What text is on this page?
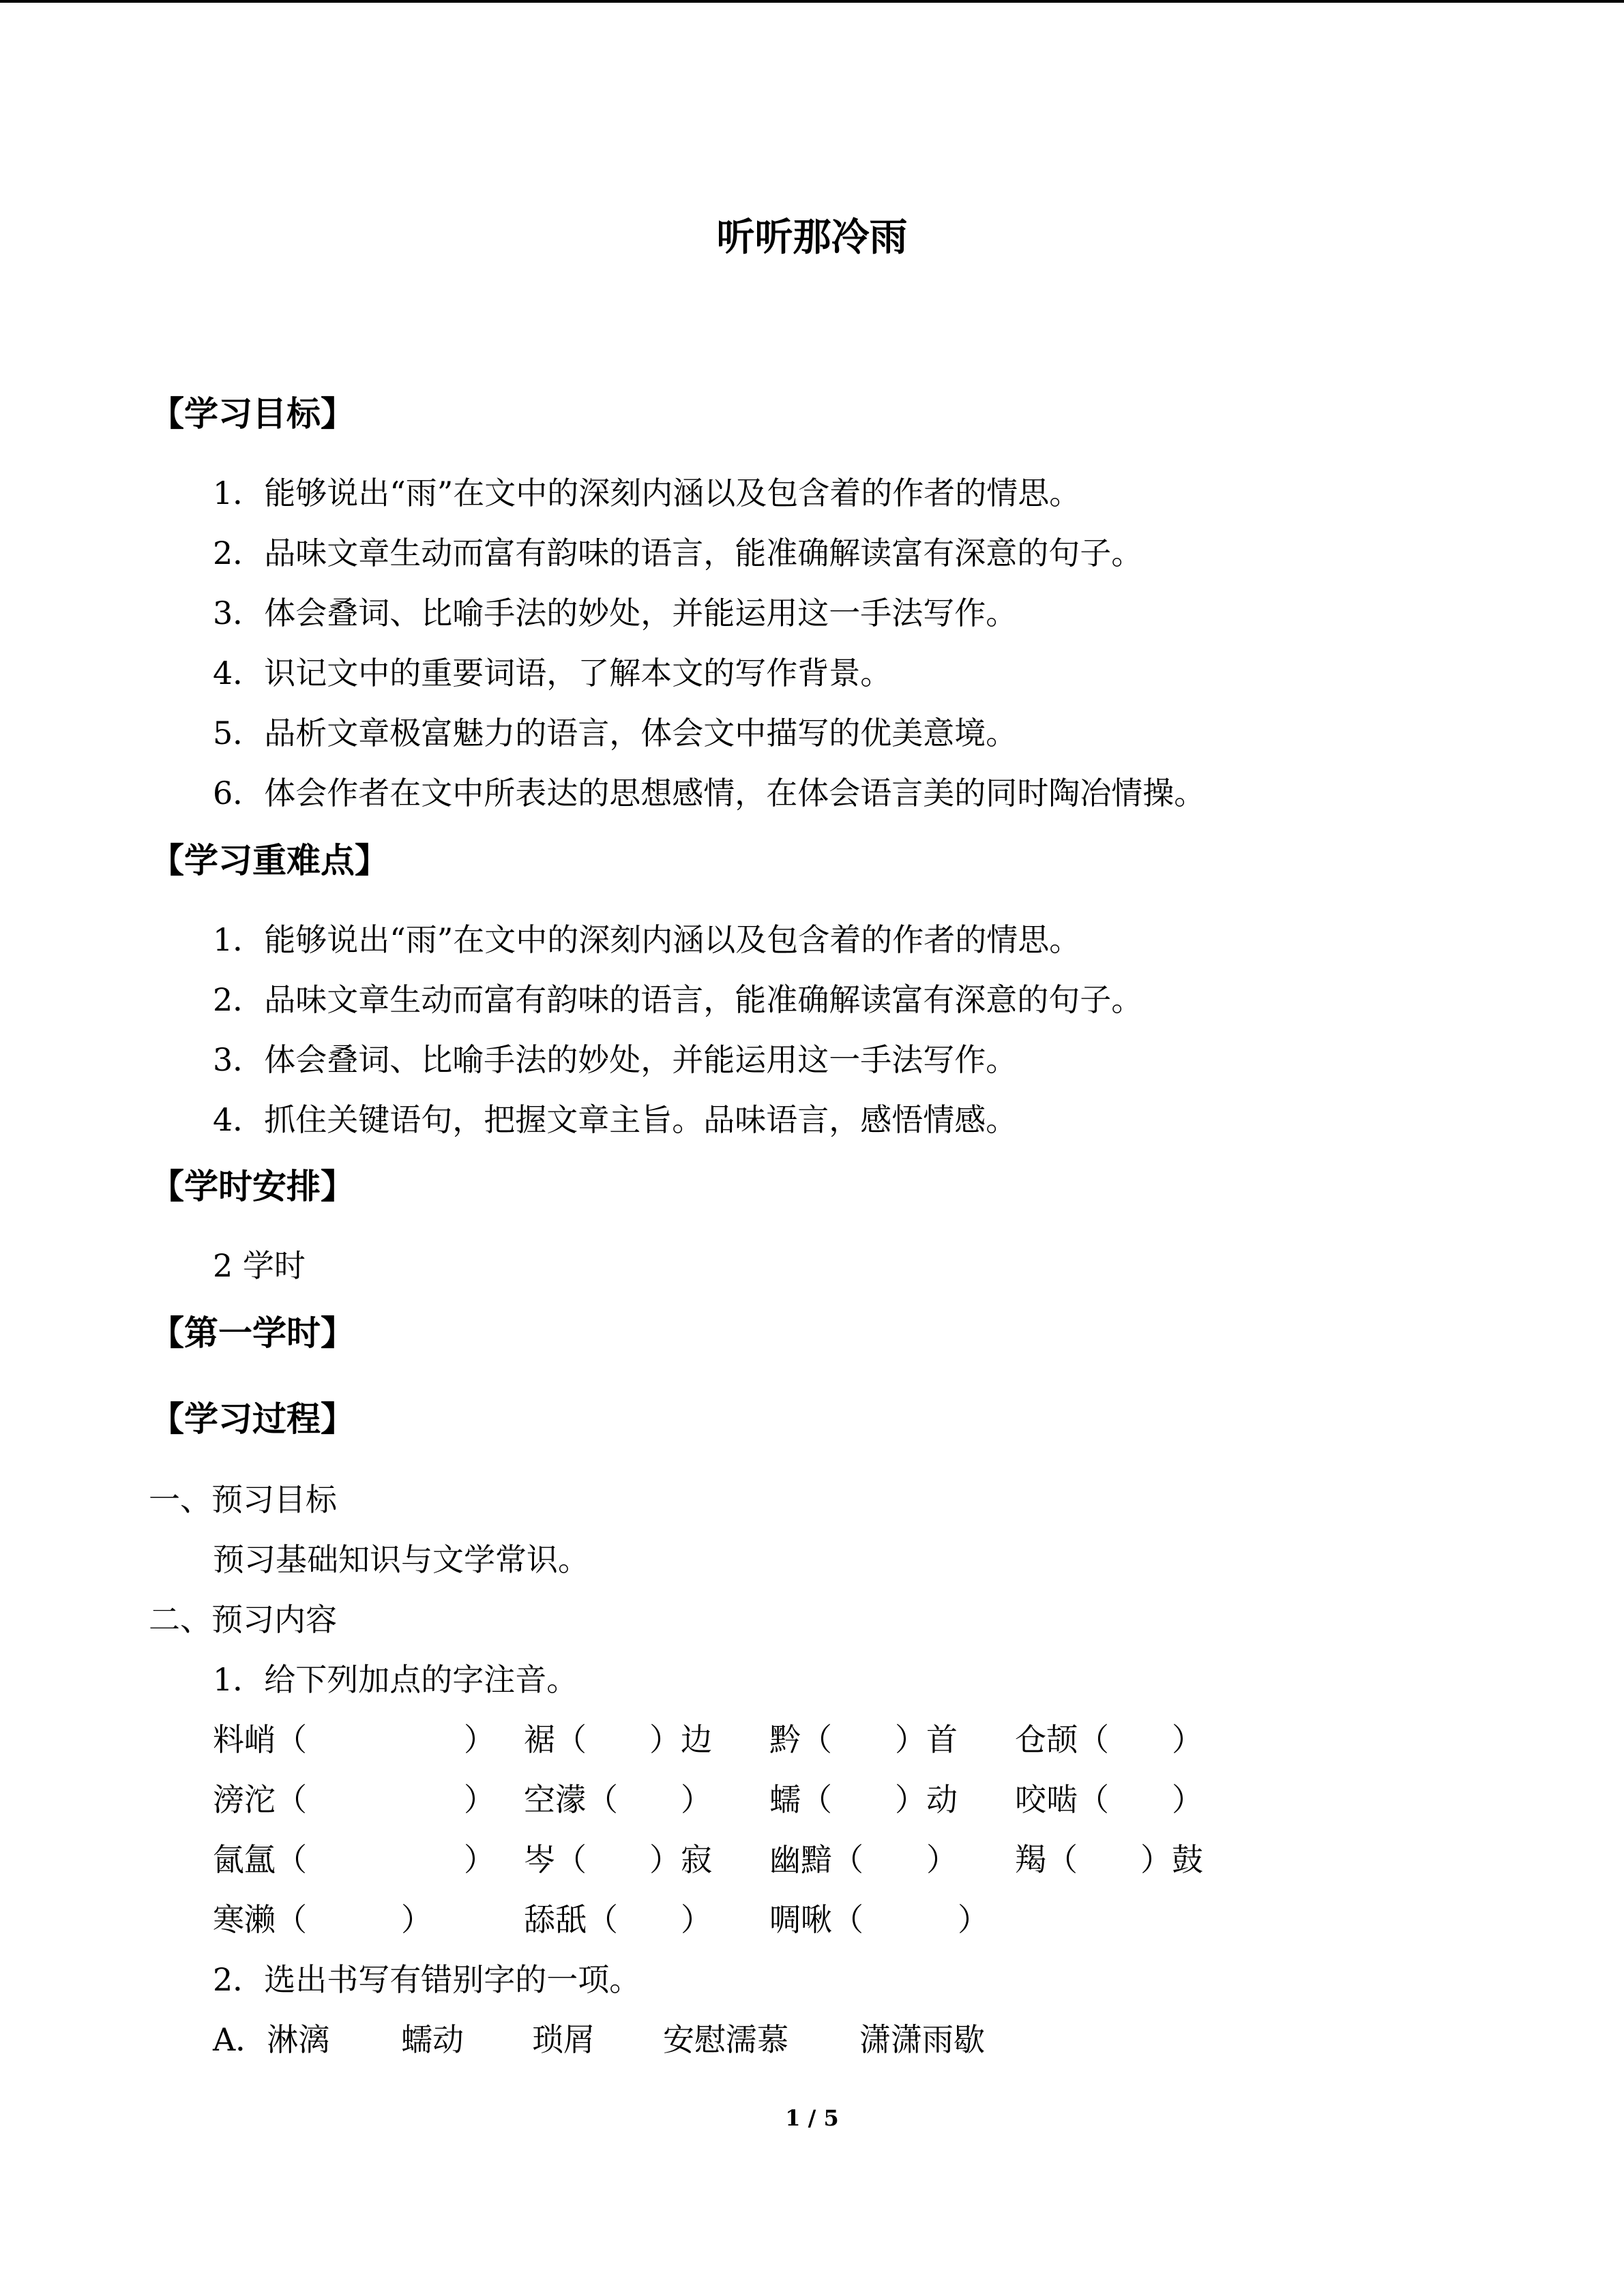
听听那冷雨
【学习目标】
1．能够说出“雨”在文中的深刻内涵以及包含着的作者的情思。
2．品味文章生动而富有韵味的语言，能准确解读富有深意的句子。
3．体会叠词、比喻手法的妙处，并能运用这一手法写作。
4．识记文中的重要词语，了解本文的写作背景。
5．品析文章极富魅力的语言，体会文中描写的优美意境。
6．体会作者在文中所表达的思想感情，在体会语言美的同时陶冶情操。
【学习重难点】
1．能够说出“雨”在文中的深刻内涵以及包含着的作者的情思。
2．品味文章生动而富有韵味的语言，能准确解读富有深意的句子。
3．体会叠词、比喻手法的妙处，并能运用这一手法写作。
4．抓住关键语句，把握文章主旨。品味语言，感悟情感。
【学时安排】
2 学时
【第一学时】
【学习过程】
一、预习目标
预习基础知识与文学常识。
二、预习内容
1．给下列加点的字注音。
料峭（　　　　　） 裾（　　）边 黔（　　）首 仓颉（　　）
滂沱（　　　　　） 空濛（　　） 蠕（　　）动 咬啮（　　）
氤氲（　　　　　） 岑（　　）寂 幽黯（　　） 羯（　　）鼓
寒濑（　　　）	舔舐（　　） 啁啾（　　　）
2．选出书写有错别字的一项。
A．淋漓 蠕动 琐屑 安慰濡慕 潇潇雨歇
1 / 5
